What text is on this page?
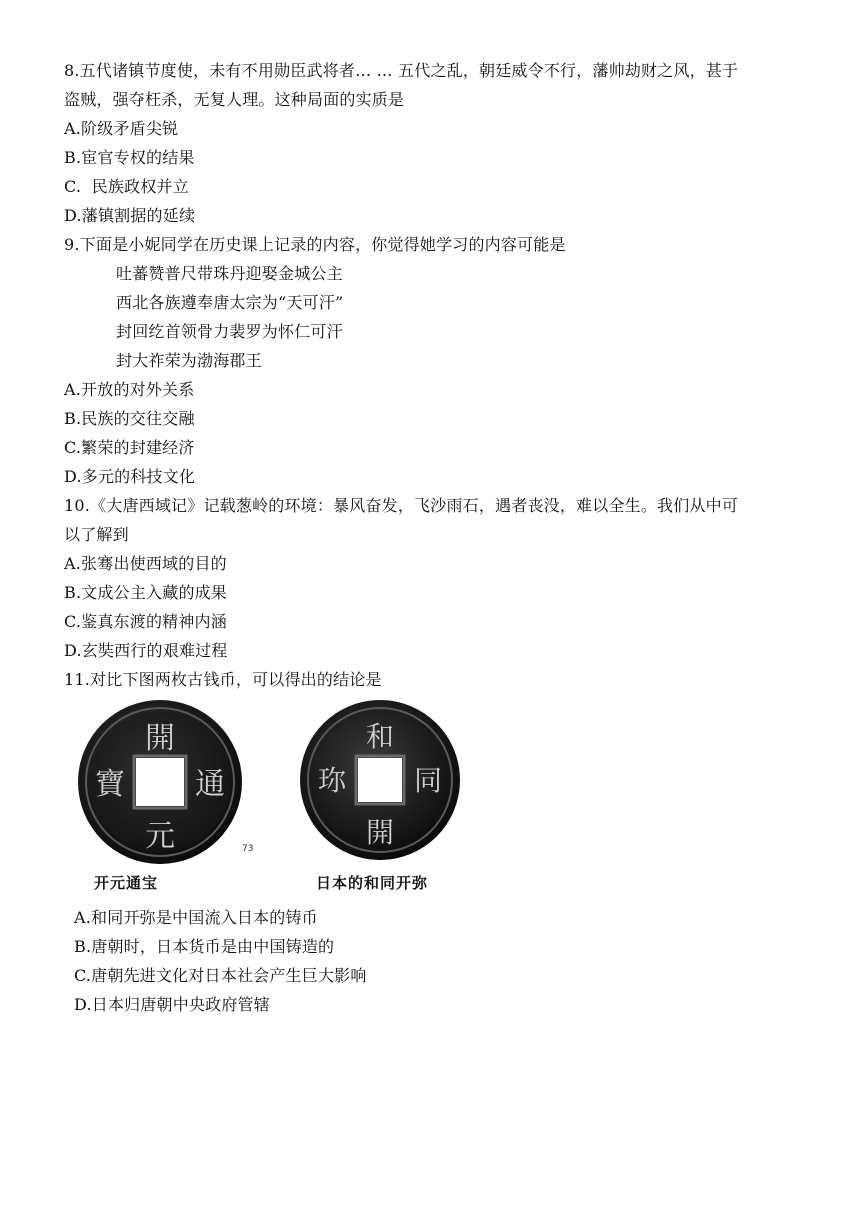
8.五代诸镇节度使，未有不用勋臣武将者… … 五代之乱，朝廷威令不行，藩帅劫财之风，甚于
盗贼，强夺枉杀，无复人理。这种局面的实质是
A.阶级矛盾尖锐
B.宦官专权的结果
C.  民族政权并立
D.藩镇割据的延续
9.下面是小妮同学在历史课上记录的内容，你觉得她学习的内容可能是
吐蕃赞普尺带珠丹迎娶金城公主
西北各族遵奉唐太宗为“天可汗”
封回纥首领骨力裴罗为怀仁可汗
封大祚荣为渤海郡王
A.开放的对外关系
B.民族的交往交融
C.繁荣的封建经济
D.多元的科技文化
10.《大唐西域记》记载葱岭的环境：暴风奋发，飞沙雨石，遇者丧没，难以全生。我们从中可
以了解到
A.张骞出使西域的目的
B.文成公主入藏的成果
C.鉴真东渡的精神内涵
D.玄奘西行的艰难过程
11.对比下图两枚古钱币，可以得出的结论是
開
通
元
寶
73
和
同
開
珎
开元通宝	日本的和同开弥
A.和同开弥是中国流入日本的铸币
B.唐朝时，日本货币是由中国铸造的
C.唐朝先进文化对日本社会产生巨大影响
D.日本归唐朝中央政府管辖
